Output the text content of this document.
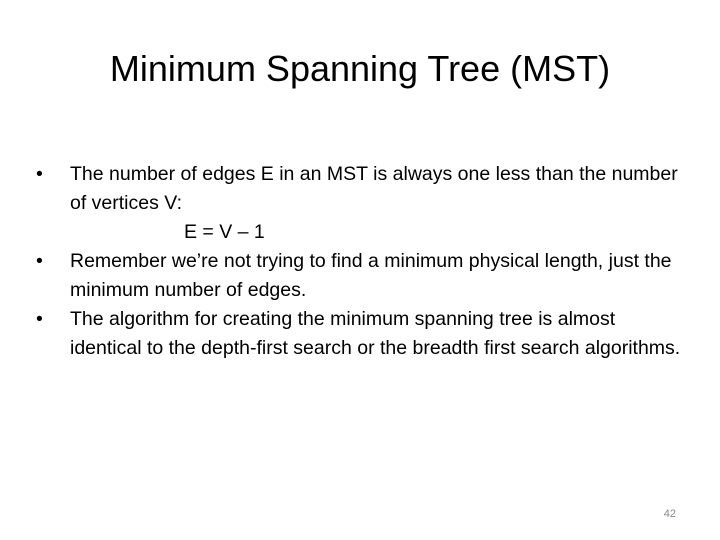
Minimum Spanning Tree (MST)
•	The number of edges E in an MST is always one less than the number of vertices V:
E = V – 1
•	Remember we’re not trying to find a minimum physical length, just the minimum number of edges.
•	The algorithm for creating the minimum spanning tree is almost identical to the depth-first search or the breadth first search algorithms.
42
